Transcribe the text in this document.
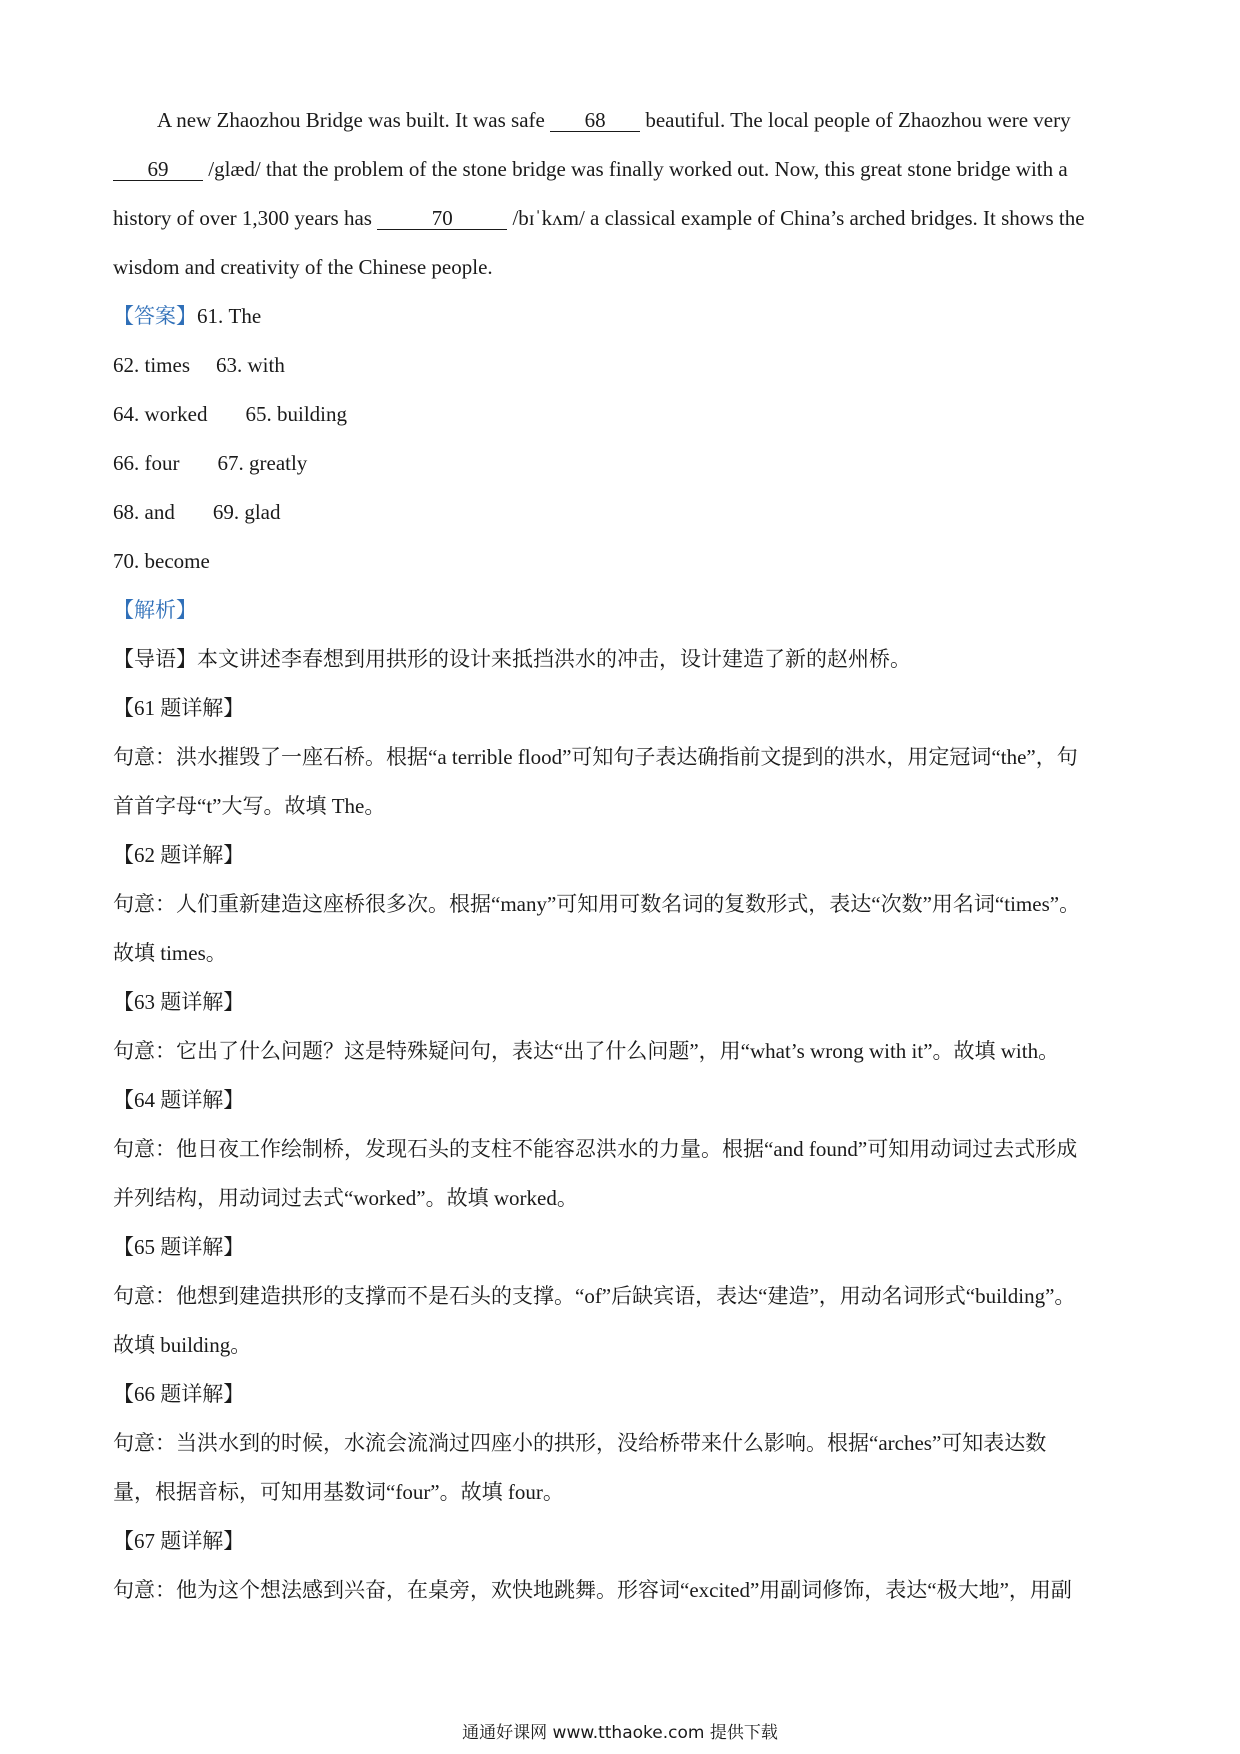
A new Zhaozhou Bridge was built. It was safe 68 beautiful. The local people of Zhaozhou were very
69 /glæd/ that the problem of the stone bridge was finally worked out. Now, this great stone bridge with a
history of over 1,300 years has	70	/bɪˈkʌm/ a classical example of China’s arched bridges. It shows the
wisdom and creativity of the Chinese people.
【答案】61. The
62. times 63. with
64. worked 65. building
66. four 67. greatly
68. and 69. glad
70. become
【解析】
【导语】本文讲述李春想到用拱形的设计来抵挡洪水的冲击，设计建造了新的赵州桥。
【61 题详解】
句意：洪水摧毁了一座石桥。根据“a terrible flood”可知句子表达确指前文提到的洪水，用定冠词“the”，句
首首字母“t”大写。故填 The。
【62 题详解】
句意：人们重新建造这座桥很多次。根据“many”可知用可数名词的复数形式，表达“次数”用名词“times”。
故填 times。
【63 题详解】
句意：它出了什么问题？这是特殊疑问句，表达“出了什么问题”，用“what’s wrong with it”。故填 with。
【64 题详解】
句意：他日夜工作绘制桥，发现石头的支柱不能容忍洪水的力量。根据“and found”可知用动词过去式形成
并列结构，用动词过去式“worked”。故填 worked。
【65 题详解】
句意：他想到建造拱形的支撑而不是石头的支撑。“of”后缺宾语，表达“建造”，用动名词形式“building”。
故填 building。
【66 题详解】
句意：当洪水到的时候，水流会流淌过四座小的拱形，没给桥带来什么影响。根据“arches”可知表达数
量，根据音标，可知用基数词“four”。故填 four。
【67 题详解】
句意：他为这个想法感到兴奋，在桌旁，欢快地跳舞。形容词“excited”用副词修饰，表达“极大地”，用副
通通好课网 www.tthaoke.com 提供下载
